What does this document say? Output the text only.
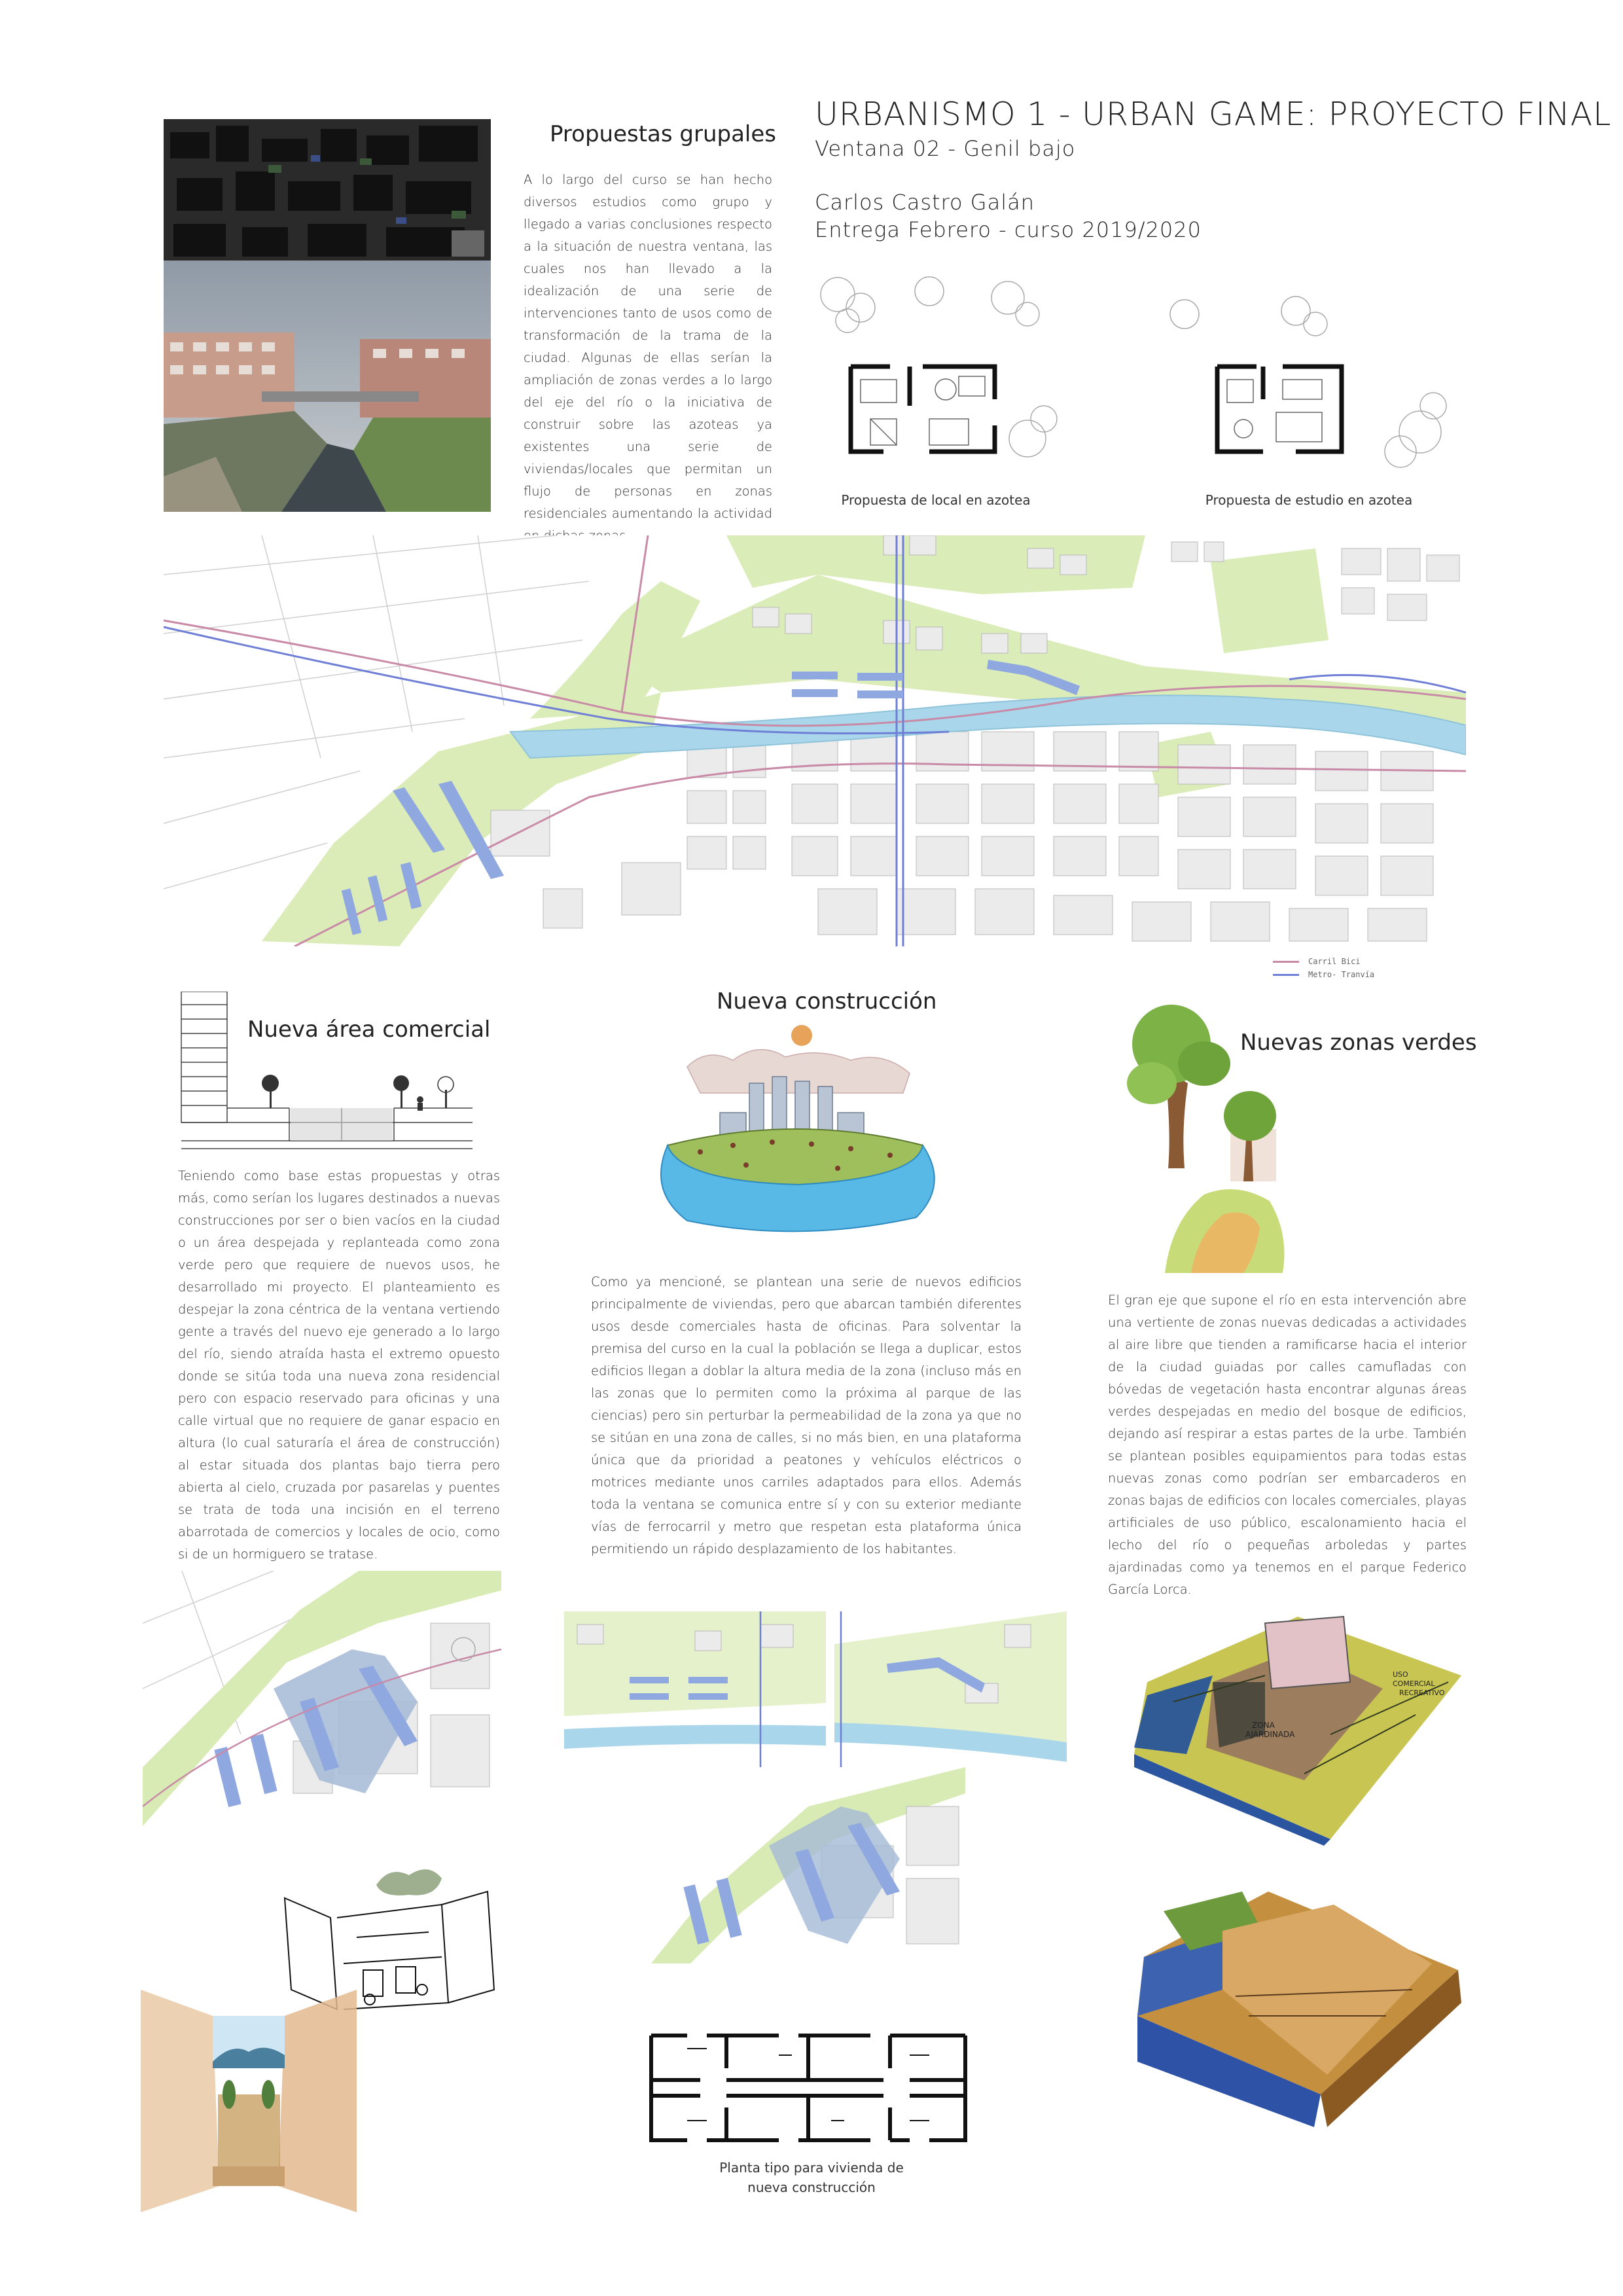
URBANISMO 1 - URBAN GAME: PROYECTO FINAL
Ventana 02 - Genil bajo
Carlos Castro Galán
Entrega Febrero - curso 2019/2020
Propuestas grupales
A lo largo del curso se han hecho diversos estudios como grupo y llegado a varias conclusiones respecto a la situación de nuestra ventana, las cuales nos han llevado a la idealización de una serie de intervenciones tanto de usos como de transformación de la trama de la ciudad. Algunas de ellas serían la ampliación de zonas verdes a lo largo del eje del río o la iniciativa de construir sobre las azoteas ya existentes una serie de viviendas/locales que permitan un flujo de personas en zonas residenciales aumentando la actividad
Propuesta de local en azotea	Propuesta de estudio en azotea
Carril Bici
Metro- Tranvía
Nueva área comercial
Teniendo como base estas propuestas y otras más, como serían los lugares destinados a nuevas construcciones por ser o bien vacíos en la ciudad o un área despejada y replanteada como zona verde pero que requiere de nuevos usos, he desarrollado mi proyecto. El planteamiento es despejar la zona céntrica de la ventana vertiendo gente a través del nuevo eje generado a lo largo del río, siendo atraída hasta el extremo opuesto donde se sitúa toda una nueva zona residencial pero con espacio reservado para oficinas y una calle virtual que no requiere de ganar espacio en altura (lo cual saturaría el área de construcción) al estar situada dos plantas bajo tierra pero abierta al cielo, cruzada por pasarelas y puentes se trata de toda una incisión en el terreno abarrotada de comercios y locales de ocio, como si de un hormiguero se tratase.
Nueva construcción
Como ya mencioné, se plantean una serie de nuevos edificios principalmente de viviendas, pero que abarcan también diferentes usos desde comerciales hasta de oficinas. Para solventar la premisa del curso en la cual la población se llega a duplicar, estos edificios llegan a doblar la altura media de la zona (incluso más en las zonas que lo permiten como la próxima al parque de las ciencias) pero sin perturbar la permeabilidad de la zona ya que no se sitúan en una zona de calles, si no más bien, en una plataforma única que da prioridad a peatones y vehículos eléctricos o motrices mediante unos carriles adaptados para ellos. Además toda la ventana se comunica entre sí y con su exterior mediante vías de ferrocarril y metro que respetan esta plataforma única permitiendo un rápido desplazamiento de los habitantes.
Nuevas zonas verdes
El gran eje que supone el río en esta intervención abre una vertiente de zonas nuevas dedicadas a actividades al aire libre que tienden a ramificarse hacia el interior de la ciudad guiadas por calles camufladas con bóvedas de vegetación hasta encontrar algunas áreas verdes despejadas en medio del bosque de edificios, dejando así respirar a estas partes de la urbe. También se plantean posibles equipamientos para todas estas nuevas zonas como podrían ser embarcaderos en zonas bajas de edificios con locales comerciales, playas artificiales de uso público, escalonamiento hacia el lecho del río o pequeñas arboledas y partes ajardinadas como ya tenemos en el parque Federico García Lorca.
Planta tipo para vivienda de
nueva construcción
ZONA
AJARDINADA
USO
COMERCIAL
RECREATIVO
